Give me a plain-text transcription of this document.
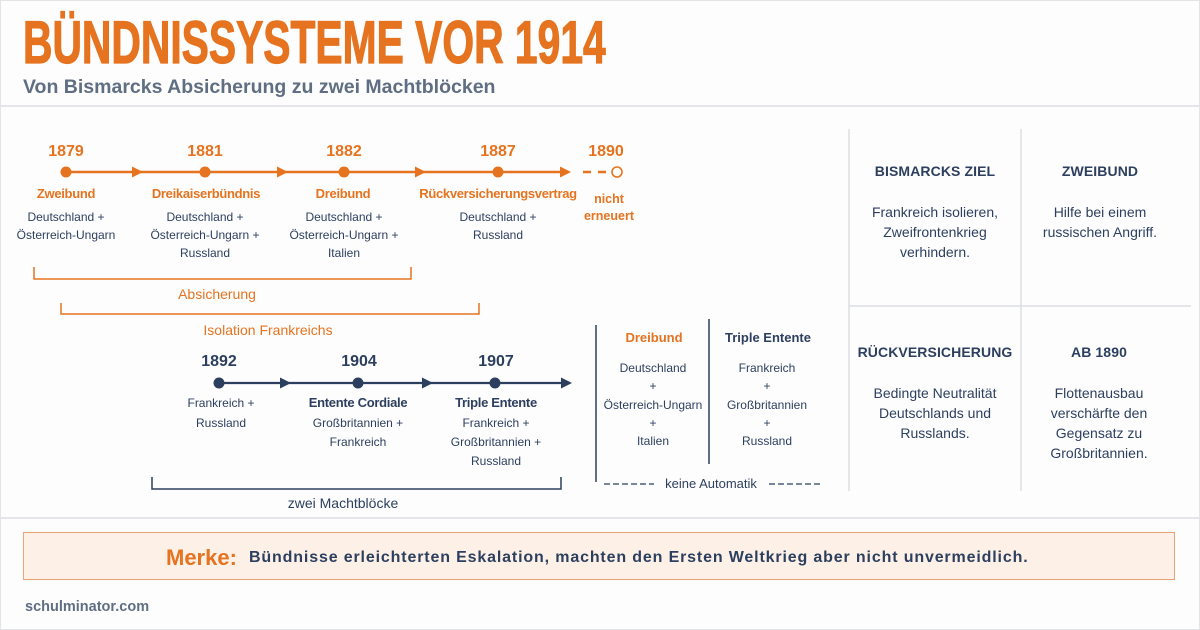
BÜNDNISSYSTEME VOR 1914
Von Bismarcks Absicherung zu zwei Machtblöcken
1879
Zweibund
Deutschland +
Österreich-Ungarn
1881
Dreikaiserbündnis
Deutschland +
Österreich-Ungarn +
Russland
1882
Dreibund
Deutschland +
Österreich-Ungarn +
Italien
1887
Rückversicherungsvertrag
Deutschland +
Russland
1890
nicht
erneuert
Absicherung
Isolation Frankreichs
1892
Frankreich +
Russland
1904
Entente Cordiale
Großbritannien +
Frankreich
1907
Triple Entente
Frankreich +
Großbritannien +
Russland
zwei Machtblöcke
Dreibund
Deutschland
+
Österreich-Ungarn
+
Italien
Triple Entente
Frankreich
+
Großbritannien
+
Russland
keine Automatik
BISMARCKS ZIEL
Frankreich isolieren,
Zweifrontenkrieg
verhindern.
ZWEIBUND
Hilfe bei einem
russischen Angriff.
RÜCKVERSICHERUNG
Bedingte Neutralität
Deutschlands und
Russlands.
AB 1890
Flottenausbau
verschärfte den
Gegensatz zu
Großbritannien.
Merke: Bündnisse erleichterten Eskalation, machten den Ersten Weltkrieg aber nicht unvermeidlich.
schulminator.com
